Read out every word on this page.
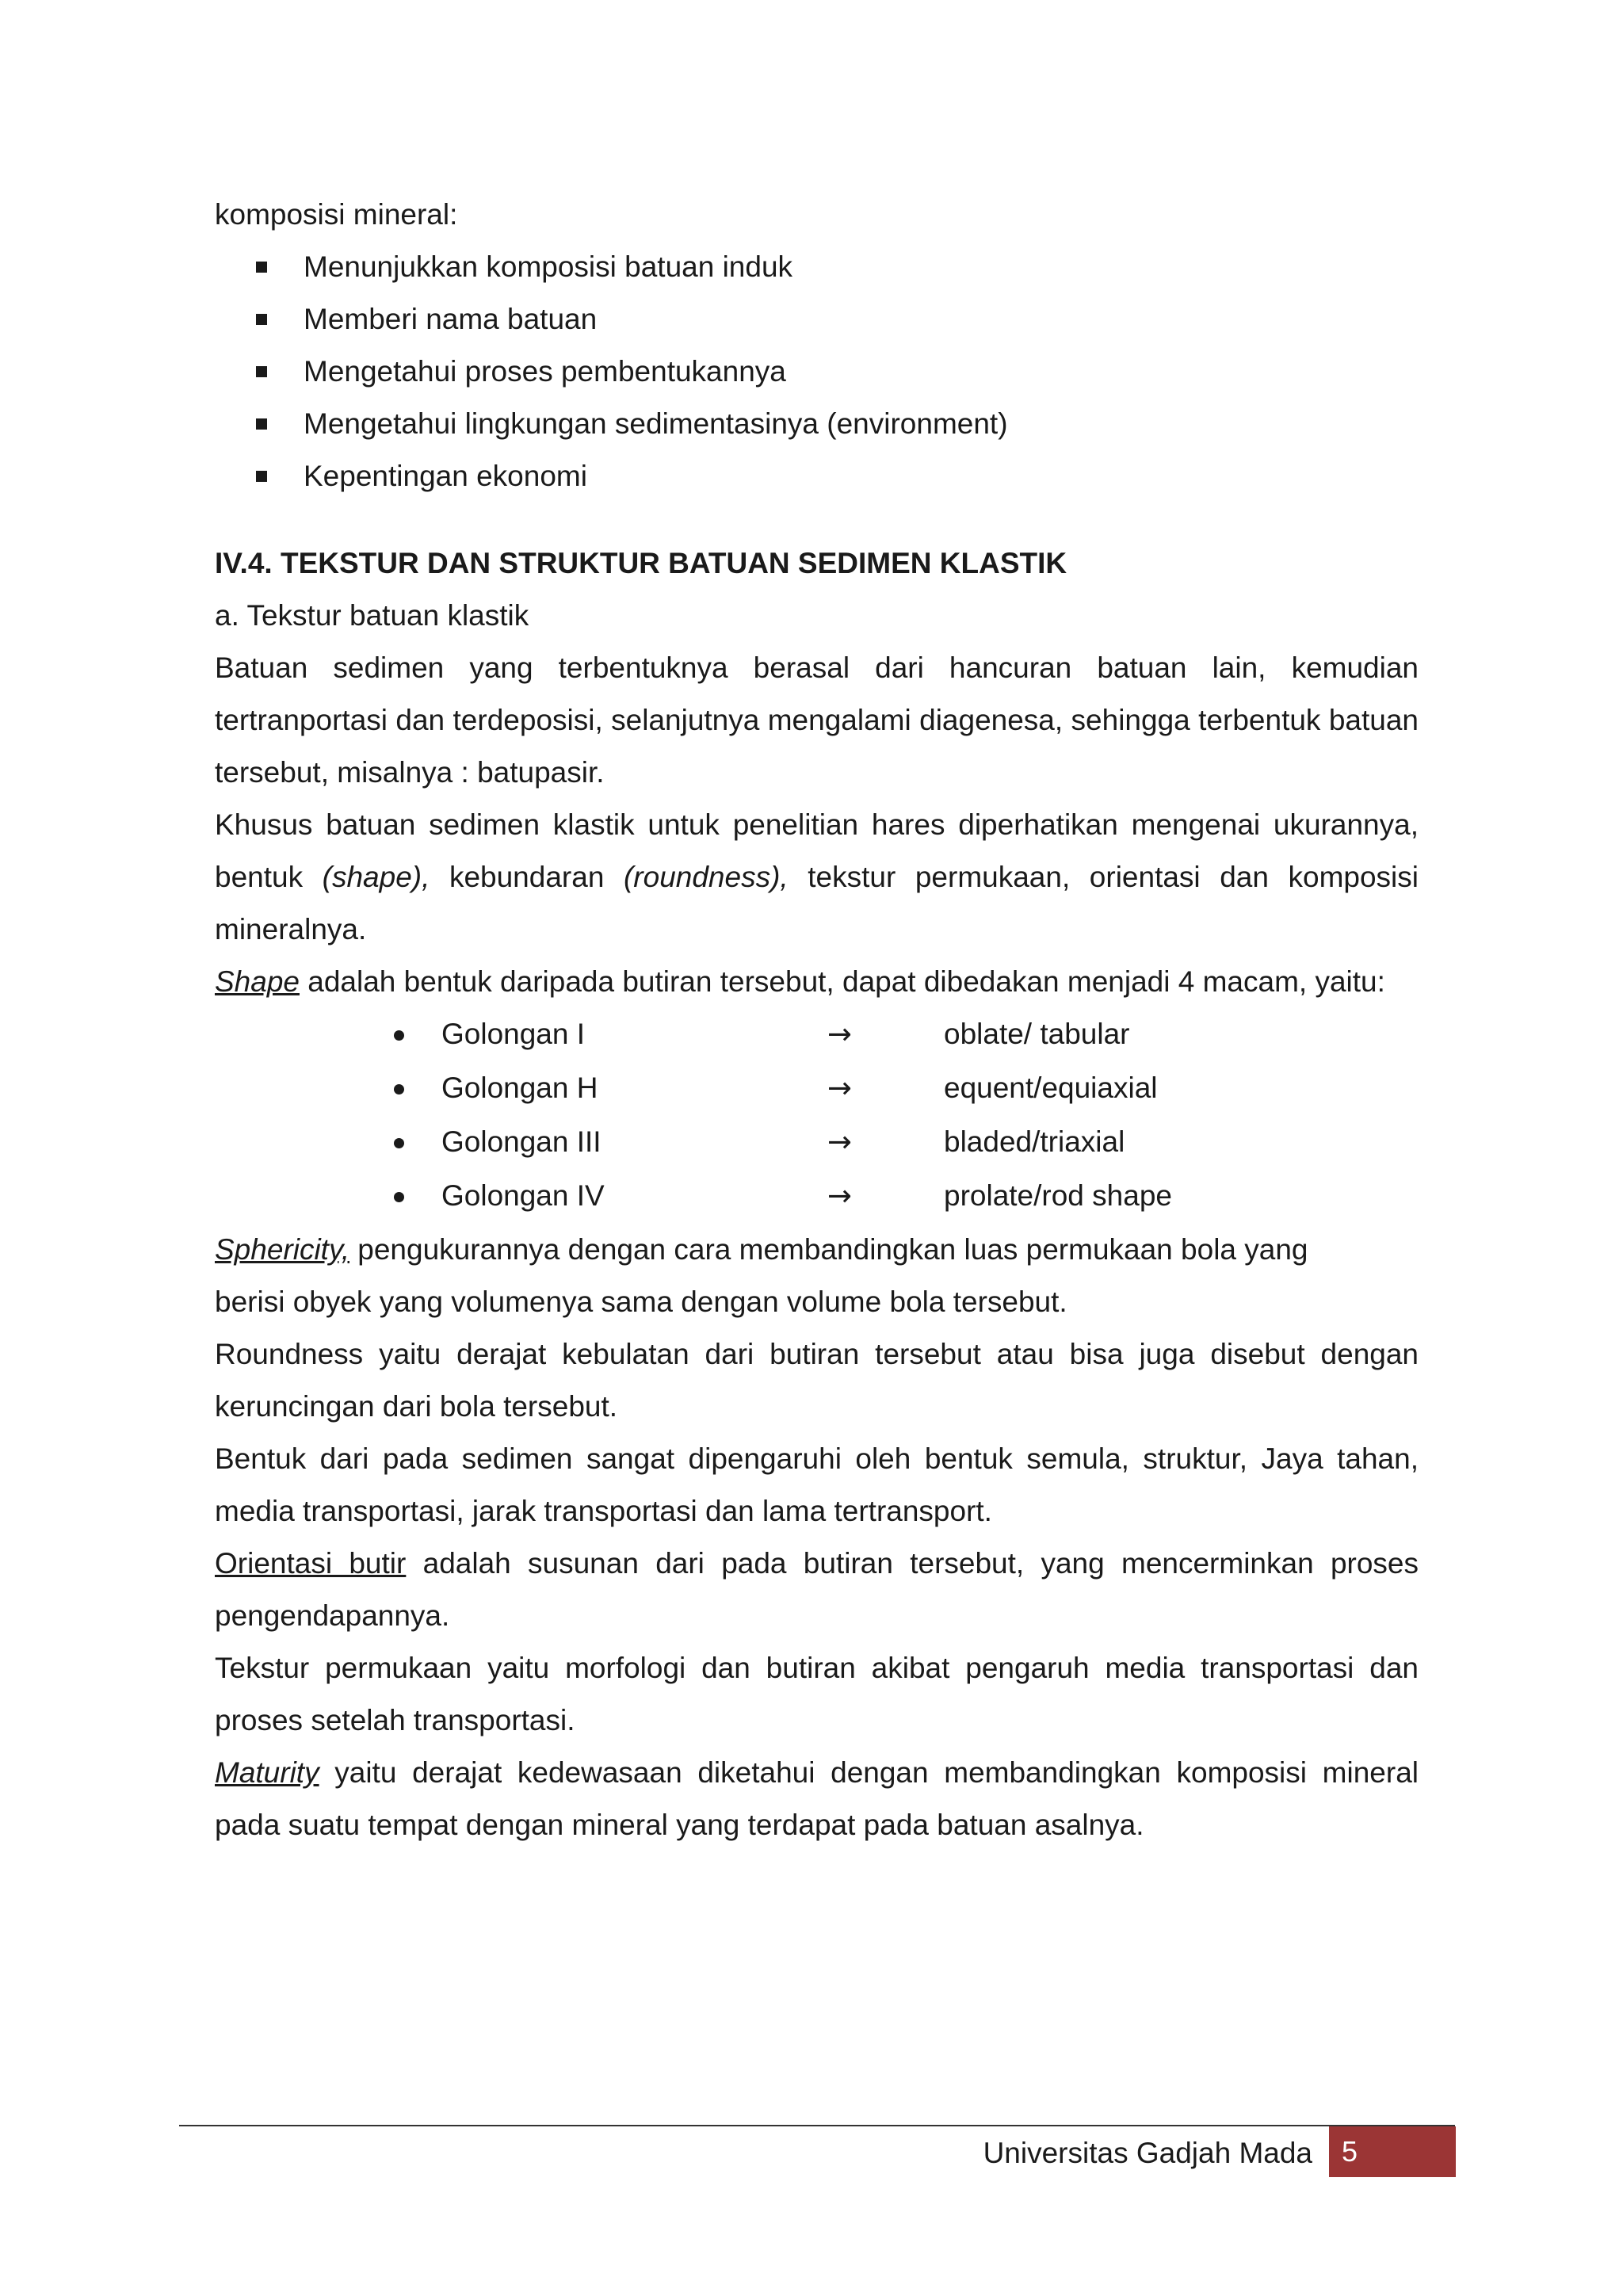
komposisi mineral:
Menunjukkan komposisi batuan induk
Memberi nama batuan
Mengetahui proses pembentukannya
Mengetahui lingkungan sedimentasinya (environment)
Kepentingan ekonomi
IV.4. TEKSTUR DAN STRUKTUR BATUAN SEDIMEN KLASTIK
a. Tekstur batuan klastik
Batuan sedimen yang terbentuknya berasal dari hancuran batuan lain, kemudian tertranportasi dan terdeposisi, selanjutnya mengalami diagenesa, sehingga terbentuk batuan tersebut, misalnya : batupasir.
Khusus batuan sedimen klastik untuk penelitian hares diperhatikan mengenai ukurannya, bentuk (shape), kebundaran (roundness), tekstur permukaan, orientasi dan komposisi mineralnya.
Shape adalah bentuk daripada butiran tersebut, dapat dibedakan menjadi 4 macam, yaitu:
Golongan I	→	oblate/ tabular
Golongan H	→	equent/equiaxial
Golongan III	→	bladed/triaxial
Golongan IV	→	prolate/rod shape
Sphericity, pengukurannya dengan cara membandingkan luas permukaan bola yang
berisi obyek yang volumenya sama dengan volume bola tersebut.
Roundness yaitu derajat kebulatan dari butiran tersebut atau bisa juga disebut dengan keruncingan dari bola tersebut.
Bentuk dari pada sedimen sangat dipengaruhi oleh bentuk semula, struktur, Jaya tahan, media transportasi, jarak transportasi dan lama tertransport.
Orientasi butir adalah susunan dari pada butiran tersebut, yang mencerminkan proses pengendapannya.
Tekstur permukaan yaitu morfologi dan butiran akibat pengaruh media transportasi dan proses setelah transportasi.
Maturity yaitu derajat kedewasaan diketahui dengan membandingkan komposisi mineral pada suatu tempat dengan mineral yang terdapat pada batuan asalnya.
Universitas Gadjah Mada	5
